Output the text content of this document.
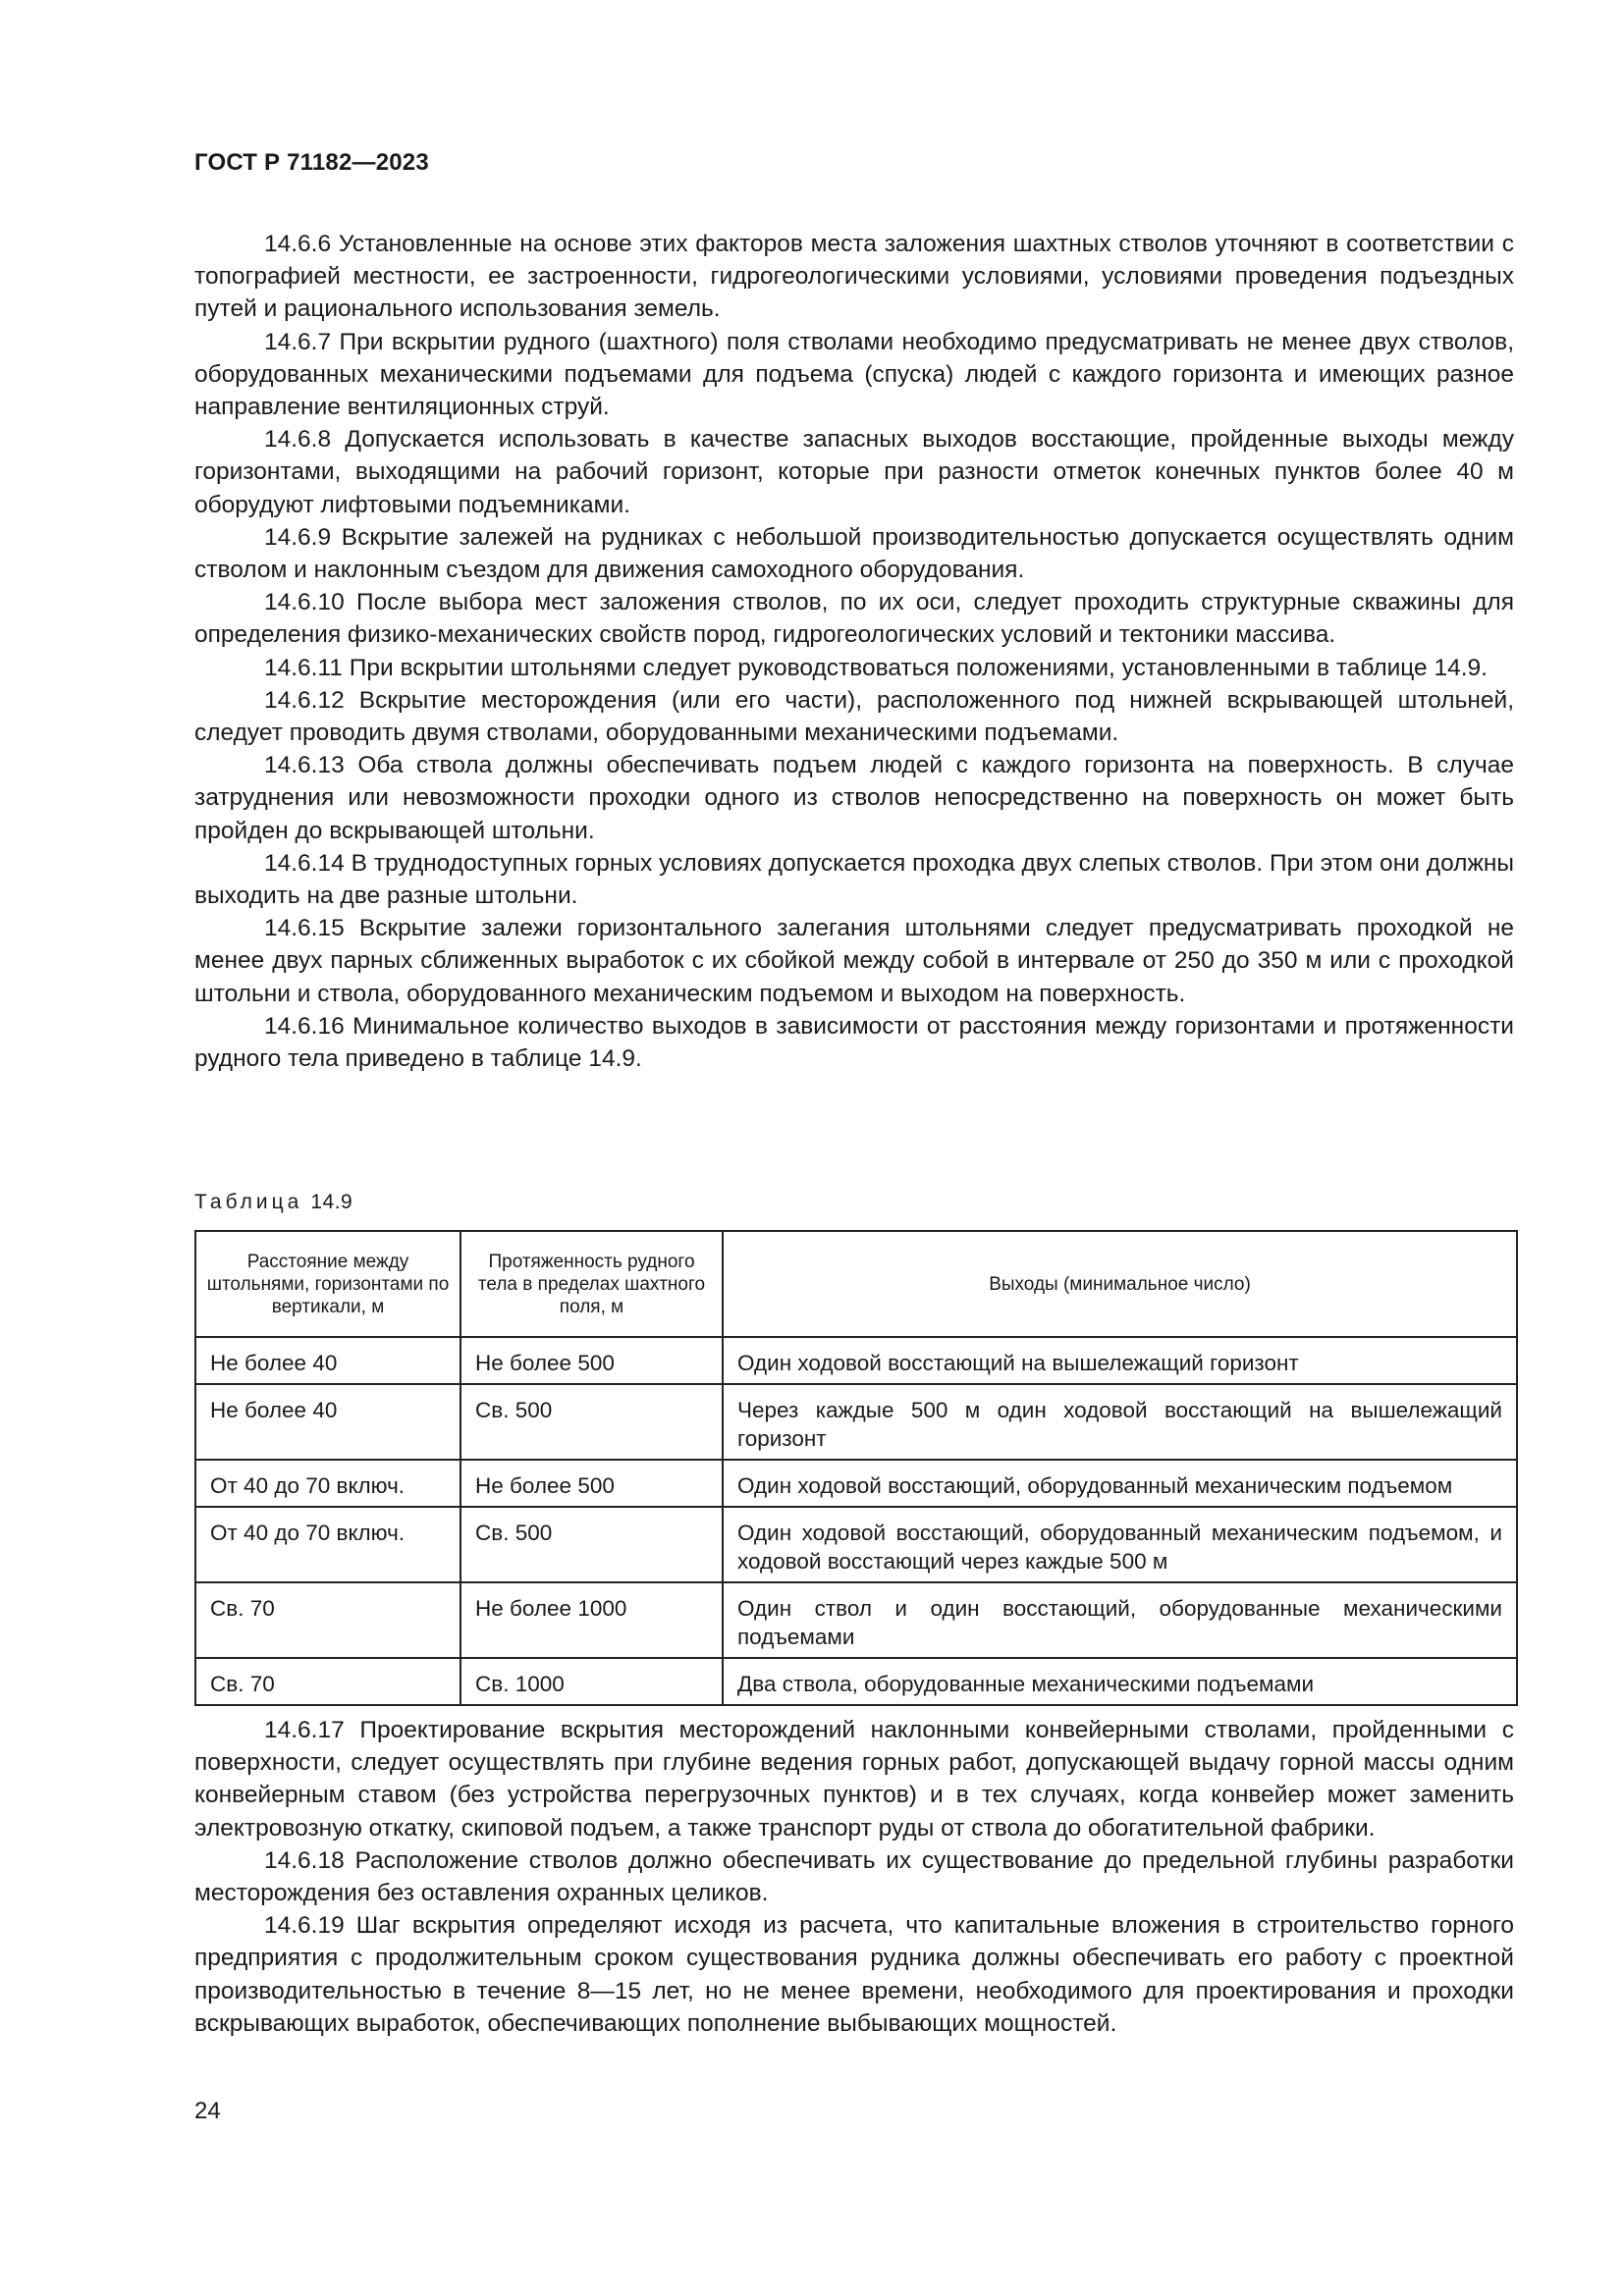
ГОСТ Р 71182—2023

14.6.6 Установленные на основе этих факторов места заложения шахтных стволов уточняют в соответствии с топографией местности, ее застроенности, гидрогеологическими условиями, условиями проведения подъездных путей и рационального использования земель.

14.6.7 При вскрытии рудного (шахтного) поля стволами необходимо предусматривать не менее двух стволов, оборудованных механическими подъемами для подъема (спуска) людей с каждого горизонта и имеющих разное направление вентиляционных струй.

14.6.8 Допускается использовать в качестве запасных выходов восстающие, пройденные выходы между горизонтами, выходящими на рабочий горизонт, которые при разности отметок конечных пунктов более 40 м оборудуют лифтовыми подъемниками.

14.6.9 Вскрытие залежей на рудниках с небольшой производительностью допускается осуществлять одним стволом и наклонным съездом для движения самоходного оборудования.

14.6.10 После выбора мест заложения стволов, по их оси, следует проходить структурные скважины для определения физико-механических свойств пород, гидрогеологических условий и тектоники массива.

14.6.11 При вскрытии штольнями следует руководствоваться положениями, установленными в таблице 14.9.

14.6.12 Вскрытие месторождения (или его части), расположенного под нижней вскрывающей штольней, следует проводить двумя стволами, оборудованными механическими подъемами.

14.6.13 Оба ствола должны обеспечивать подъем людей с каждого горизонта на поверхность. В случае затруднения или невозможности проходки одного из стволов непосредственно на поверхность он может быть пройден до вскрывающей штольни.

14.6.14 В труднодоступных горных условиях допускается проходка двух слепых стволов. При этом они должны выходить на две разные штольни.

14.6.15 Вскрытие залежи горизонтального залегания штольнями следует предусматривать проходкой не менее двух парных сближенных выработок с их сбойкой между собой в интервале от 250 до 350 м или с проходкой штольни и ствола, оборудованного механическим подъемом и выходом на поверхность.

14.6.16 Минимальное количество выходов в зависимости от расстояния между горизонтами и протяженности рудного тела приведено в таблице 14.9.

Таблица 14.9
Расстояние между штольнями, горизонтами по вертикали, м	Протяженность рудного тела в пределах шахтного поля, м	Выходы (минимальное число)
Не более 40	Не более 500	Один ходовой восстающий на вышележащий горизонт
Не более 40	Св. 500	Через каждые 500 м один ходовой восстающий на вышележащий горизонт
От 40 до 70 включ.	Не более 500	Один ходовой восстающий, оборудованный механическим подъемом
От 40 до 70 включ.	Св. 500	Один ходовой восстающий, оборудованный механическим подъемом, и ходовой восстающий через каждые 500 м
Св. 70	Не более 1000	Один ствол и один восстающий, оборудованные механическими подъемами
Св. 70	Св. 1000	Два ствола, оборудованные механическими подъемами

14.6.17 Проектирование вскрытия месторождений наклонными конвейерными стволами, пройденными с поверхности, следует осуществлять при глубине ведения горных работ, допускающей выдачу горной массы одним конвейерным ставом (без устройства перегрузочных пунктов) и в тех случаях, когда конвейер может заменить электровозную откатку, скиповой подъем, а также транспорт руды от ствола до обогатительной фабрики.

14.6.18 Расположение стволов должно обеспечивать их существование до предельной глубины разработки месторождения без оставления охранных целиков.

14.6.19 Шаг вскрытия определяют исходя из расчета, что капитальные вложения в строительство горного предприятия с продолжительным сроком существования рудника должны обеспечивать его работу с проектной производительностью в течение 8—15 лет, но не менее времени, необходимого для проектирования и проходки вскрывающих выработок, обеспечивающих пополнение выбывающих мощностей.

24
